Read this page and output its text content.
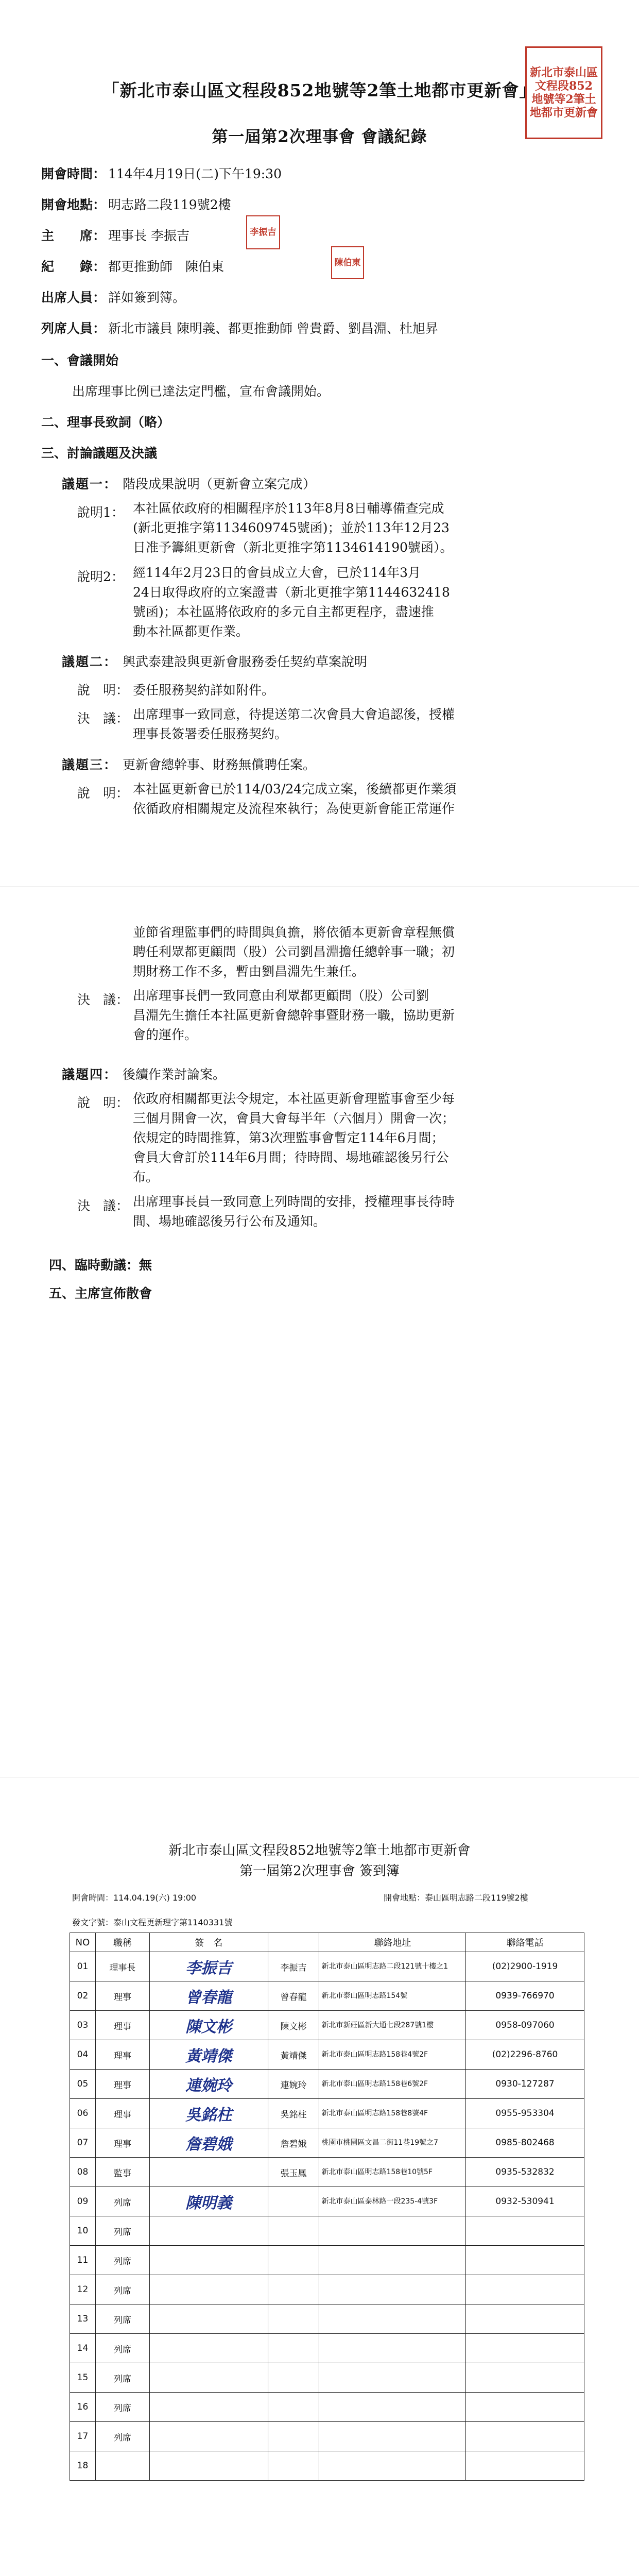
「新北市泰山區文程段852地號等2筆土地都市更新會」
新北市泰山區文程段852地號等2筆土地都市更新會
第一屆第2次理事會 會議紀錄
開會時間： 114年4月19日(二)下午19:30
開會地點： 明志路二段119號2樓
主　　席： 理事長 李振吉	李振吉
紀　　錄： 都更推動師　陳伯東	陳伯東
出席人員： 詳如簽到簿。
列席人員： 新北市議員 陳明義、都更推動師 曾貴爵、劉昌淵、杜旭昇
一、會議開始
出席理事比例已達法定門檻，宣布會議開始。
二、理事長致詞（略）
三、討論議題及決議
議題一： 階段成果說明（更新會立案完成）
說明1： 本社區依政府的相關程序於113年8月8日輔導備查完成
(新北更推字第1134609745號函)；並於113年12月23
日准予籌組更新會（新北更推字第1134614190號函）。
說明2： 經114年2月23日的會員成立大會，已於114年3月
24日取得政府的立案證書（新北更推字第1144632418
號函)；本社區將依政府的多元自主都更程序，盡速推
動本社區都更作業。
議題二： 興武泰建設與更新會服務委任契約草案說明
說　明： 委任服務契約詳如附件。
決　議： 出席理事一致同意，待提送第二次會員大會追認後，授權
理事長簽署委任服務契約。
議題三： 更新會總幹事、財務無償聘任案。
說　明： 本社區更新會已於114/03/24完成立案，後續都更作業須
依循政府相關規定及流程來執行；為使更新會能正常運作
並節省理監事們的時間與負擔，將依循本更新會章程無償
聘任利眾都更顧問（股）公司劉昌淵擔任總幹事一職；初
期財務工作不多，暫由劉昌淵先生兼任。
決　議： 出席理事長們一致同意由利眾都更顧問（股）公司劉
昌淵先生擔任本社區更新會總幹事暨財務一職，協助更新
會的運作。
議題四： 後續作業討論案。
說　明： 依政府相關都更法令規定，本社區更新會理監事會至少每
三個月開會一次，會員大會每半年（六個月）開會一次；
依規定的時間推算，第3次理監事會暫定114年6月間；
會員大會訂於114年6月間；待時間、場地確認後另行公
布。
決　議： 出席理事長員一致同意上列時間的安排，授權理事長待時
間、場地確認後另行公布及通知。
四、臨時動議：無
五、主席宣佈散會
新北市泰山區文程段852地號等2筆土地都市更新會
第一屆第2次理事會 簽到簿
開會時間：114.04.19(六) 19:00	開會地點：泰山區明志路二段119號2樓
發文字號：泰山文程更新理字第1140331號
NO	職稱	簽　名		聯絡地址	聯絡電話
01	理事長	李振吉	李振吉	新北市泰山區明志路二段121號十樓之1	(02)2900-1919
02	理事	曾春龍	曾春龍	新北市泰山區明志路154號	0939-766970
03	理事	陳文彬	陳文彬	新北市新莊區新大通七段287號1樓	0958-097060
04	理事	黃靖傑	黃靖傑	新北市泰山區明志路158巷4號2F	(02)2296-8760
05	理事	連婉玲	連婉玲	新北市泰山區明志路158巷6號2F	0930-127287
06	理事	吳銘柱	吳銘柱	新北市泰山區明志路158巷8號4F	0955-953304
07	理事	詹碧娥	詹碧娥	桃園市桃園區文昌二街11巷19號之7	0985-802468
08	監事		張玉鳳	新北市泰山區明志路158巷10號5F	0935-532832
09	列席	陳明義		新北市泰山區泰林路一段235-4號3F	0932-530941
10	列席				
11	列席				
12	列席				
13	列席				
14	列席				
15	列席				
16	列席				
17	列席				
18					
